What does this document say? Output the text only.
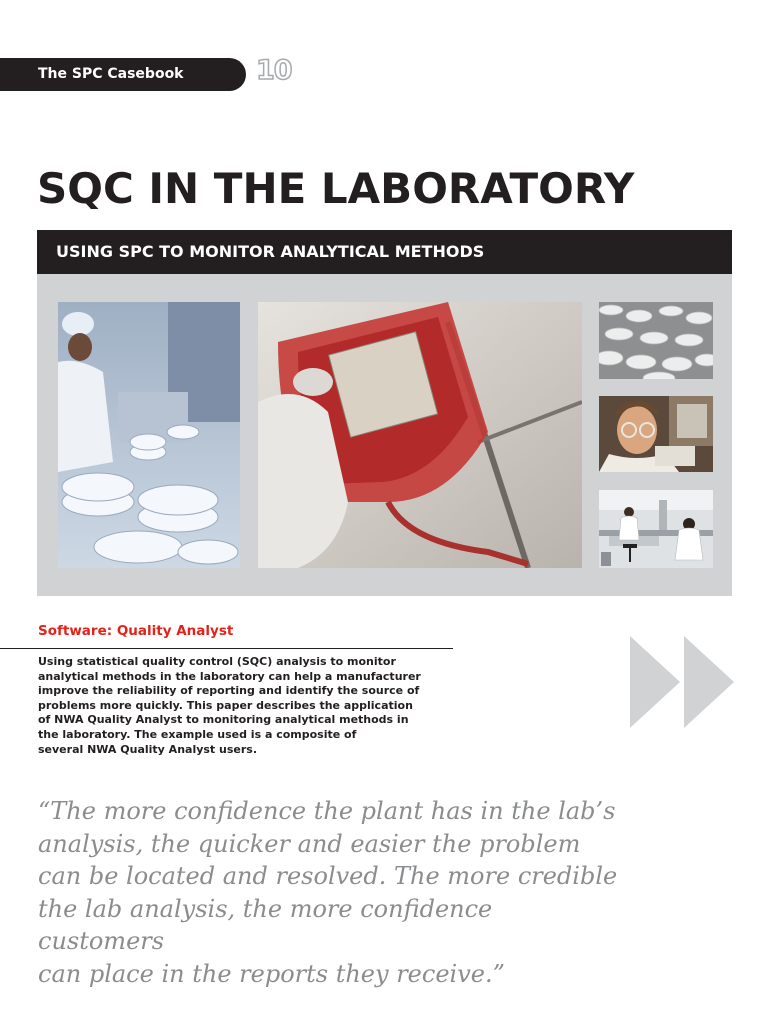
The SPC Casebook	10
SQC IN THE LABORATORY
USING SPC TO MONITOR ANALYTICAL METHODS
Software: Quality Analyst

Using statistical quality control (SQC) analysis to monitor
analytical methods in the laboratory can help a manufacturer
improve the reliability of reporting and identify the source of
problems more quickly. This paper describes the application
of NWA Quality Analyst to monitoring analytical methods in
the laboratory. The example used is a composite of
several NWA Quality Analyst users.

“The more confidence the plant has in the lab’s
analysis, the quicker and easier the problem
can be located and resolved. The more credible
the lab analysis, the more confidence customers
can place in the reports they receive.”
